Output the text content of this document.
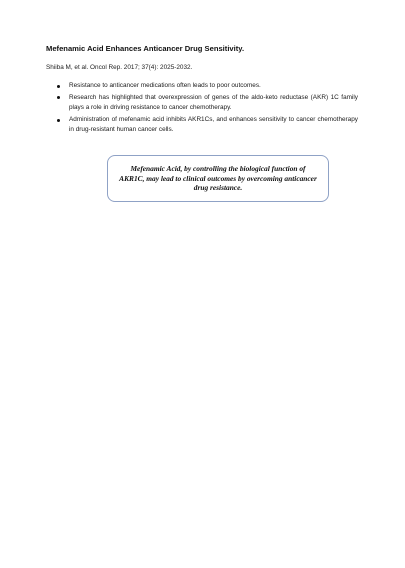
Mefenamic Acid Enhances Anticancer Drug Sensitivity.
Shiiba M, et al. Oncol Rep. 2017; 37(4): 2025-2032.
Resistance to anticancer medications often leads to poor outcomes.
Research has highlighted that overexpression of genes of the aldo-keto reductase (AKR) 1C family plays a role in driving resistance to cancer chemotherapy.
Administration of mefenamic acid inhibits AKR1Cs, and enhances sensitivity to cancer chemotherapy in drug-resistant human cancer cells.
Mefenamic Acid, by controlling the biological function of AKR1C, may lead to clinical outcomes by overcoming anticancer drug resistance.
